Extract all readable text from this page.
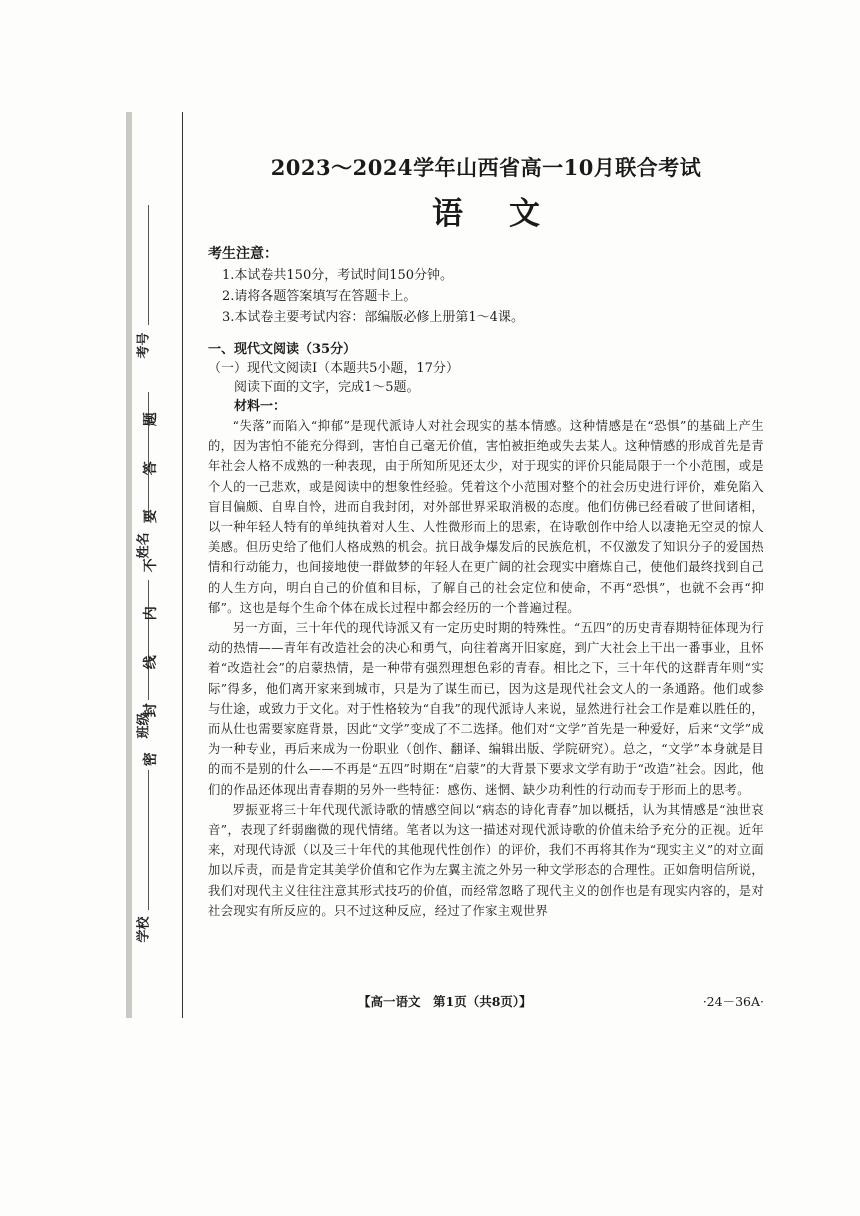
考号
姓名
班级
学校
题
答
要
不
内
线
封
密
2023～2024学年山西省高一10月联合考试
语文
考生注意：
1.本试卷共150分，考试时间150分钟。
2.请将各题答案填写在答题卡上。
3.本试卷主要考试内容：部编版必修上册第1～4课。
一、现代文阅读（35分）
（一）现代文阅读Ⅰ（本题共5小题，17分）
阅读下面的文字，完成1～5题。
材料一：

“失落”而陷入“抑郁”是现代派诗人对社会现实的基本情感。这种情感是在“恐惧”的基础上产生的，因为害怕不能充分得到，害怕自己毫无价值，害怕被拒绝或失去某人。这种情感的形成首先是青年社会人格不成熟的一种表现，由于所知所见还太少，对于现实的评价只能局限于一个小范围，或是个人的一己悲欢，或是阅读中的想象性经验。凭着这个小范围对整个的社会历史进行评价，难免陷入盲目偏颇、自卑自怜，进而自我封闭，对外部世界采取消极的态度。他们仿佛已经看破了世间诸相，以一种年轻人特有的单纯执着对人生、人性微形而上的思索，在诗歌创作中给人以凄艳无空灵的惊人美感。但历史给了他们人格成熟的机会。抗日战争爆发后的民族危机，不仅激发了知识分子的爱国热情和行动能力，也间接地使一群做梦的年轻人在更广阔的社会现实中磨炼自己，使他们最终找到自己的人生方向，明白自己的价值和目标，了解自己的社会定位和使命，不再“恐惧”，也就不会再“抑郁”。这也是每个生命个体在成长过程中都会经历的一个普遍过程。

另一方面，三十年代的现代诗派又有一定历史时期的特殊性。“五四”的历史青春期特征体现为行动的热情——青年有改造社会的决心和勇气，向往着离开旧家庭，到广大社会上干出一番事业，且怀着“改造社会”的启蒙热情，是一种带有强烈理想色彩的青春。相比之下，三十年代的这群青年则“实际”得多，他们离开家来到城市，只是为了谋生而已，因为这是现代社会文人的一条通路。他们或参与仕途，或致力于文化。对于性格较为“自我”的现代派诗人来说，显然进行社会工作是难以胜任的，而从仕也需要家庭背景，因此“文学”变成了不二选择。他们对“文学”首先是一种爱好，后来“文学”成为一种专业，再后来成为一份职业（创作、翻译、编辑出版、学院研究）。总之，“文学”本身就是目的而不是别的什么——不再是“五四”时期在“启蒙”的大背景下要求文学有助于“改造”社会。因此，他们的作品还体现出青春期的另外一些特征：感伤、迷惘、缺少功利性的行动而专于形而上的思考。

罗振亚将三十年代现代派诗歌的情感空间以“病态的诗化青春”加以概括，认为其情感是“浊世哀音”，表现了纤弱幽微的现代情绪。笔者以为这一描述对现代派诗歌的价值未给予充分的正视。近年来，对现代诗派（以及三十年代的其他现代性创作）的评价，我们不再将其作为“现实主义”的对立面加以斥责，而是肯定其美学价值和它作为左翼主流之外另一种文学形态的合理性。正如詹明信所说，我们对现代主义往往注意其形式技巧的价值，而经常忽略了现代主义的创作也是有现实内容的，是对社会现实有所反应的。只不过这种反应，经过了作家主观世界

【高一语文　第1页（共8页）】	·24－36A·
